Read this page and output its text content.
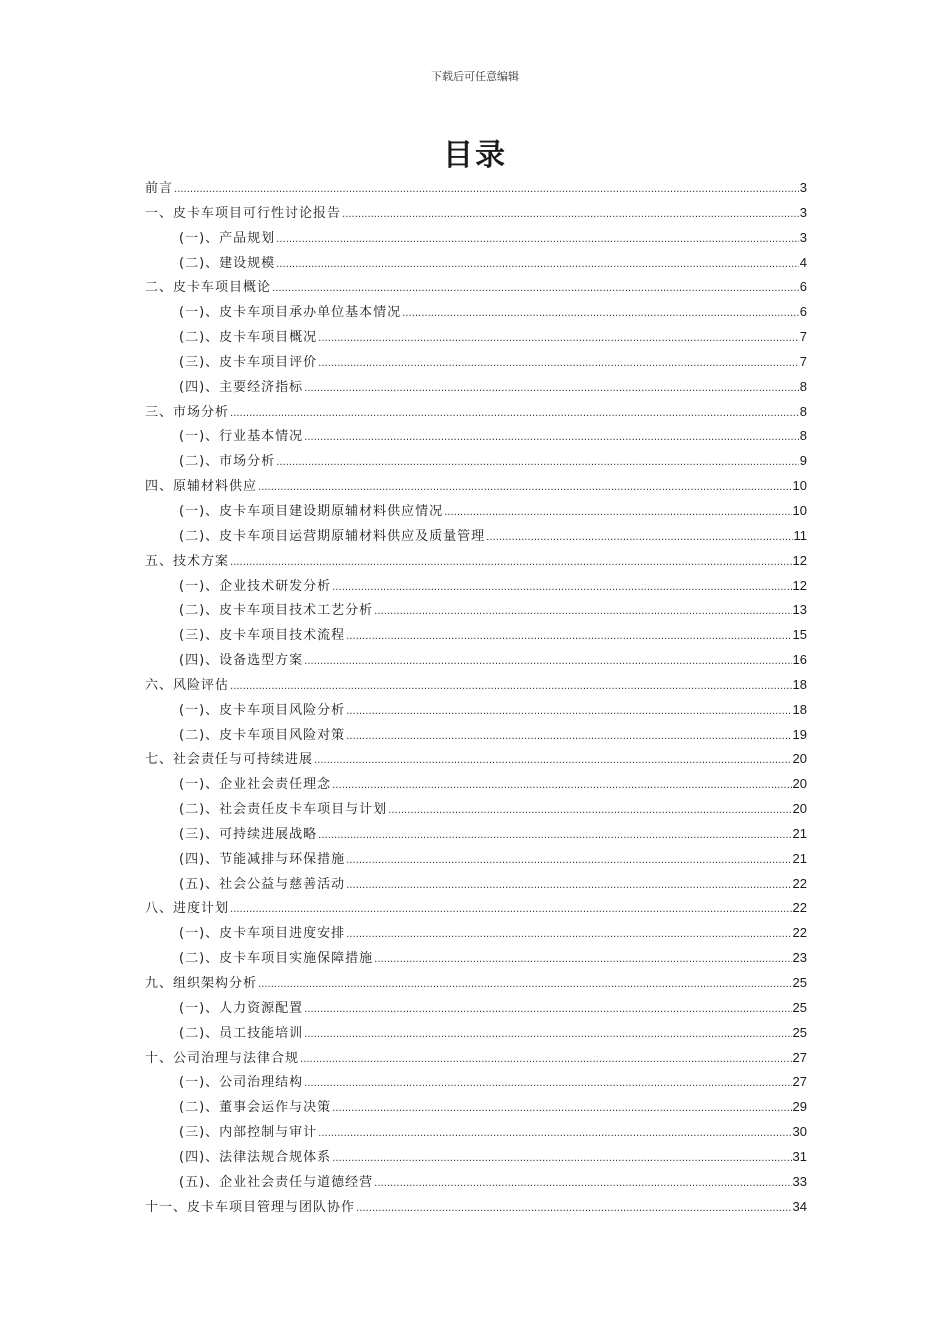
下载后可任意编辑
目录
前言 .....	3
一、皮卡车项目可行性讨论报告 .....	3
(一)、产品规划 .....	3
(二)、建设规模 .....	4
二、皮卡车项目概论 .....	6
(一)、皮卡车项目承办单位基本情况 .....	6
(二)、皮卡车项目概况 .....	7
(三)、皮卡车项目评价 .....	7
(四)、主要经济指标 .....	8
三、市场分析 .....	8
(一)、行业基本情况 .....	8
(二)、市场分析 .....	9
四、原辅材料供应 .....	10
(一)、皮卡车项目建设期原辅材料供应情况 .....	10
(二)、皮卡车项目运营期原辅材料供应及质量管理 .....	11
五、技术方案 .....	12
(一)、企业技术研发分析 .....	12
(二)、皮卡车项目技术工艺分析 .....	13
(三)、皮卡车项目技术流程 .....	15
(四)、设备选型方案 .....	16
六、风险评估 .....	18
(一)、皮卡车项目风险分析 .....	18
(二)、皮卡车项目风险对策 .....	19
七、社会责任与可持续进展 .....	20
(一)、企业社会责任理念 .....	20
(二)、社会责任皮卡车项目与计划 .....	20
(三)、可持续进展战略 .....	21
(四)、节能减排与环保措施 .....	21
(五)、社会公益与慈善活动 .....	22
八、进度计划 .....	22
(一)、皮卡车项目进度安排 .....	22
(二)、皮卡车项目实施保障措施 .....	23
九、组织架构分析 .....	25
(一)、人力资源配置 .....	25
(二)、员工技能培训 .....	25
十、公司治理与法律合规 .....	27
(一)、公司治理结构 .....	27
(二)、董事会运作与决策 .....	29
(三)、内部控制与审计 .....	30
(四)、法律法规合规体系 .....	31
(五)、企业社会责任与道德经营 .....	33
十一、皮卡车项目管理与团队协作 .....	34
